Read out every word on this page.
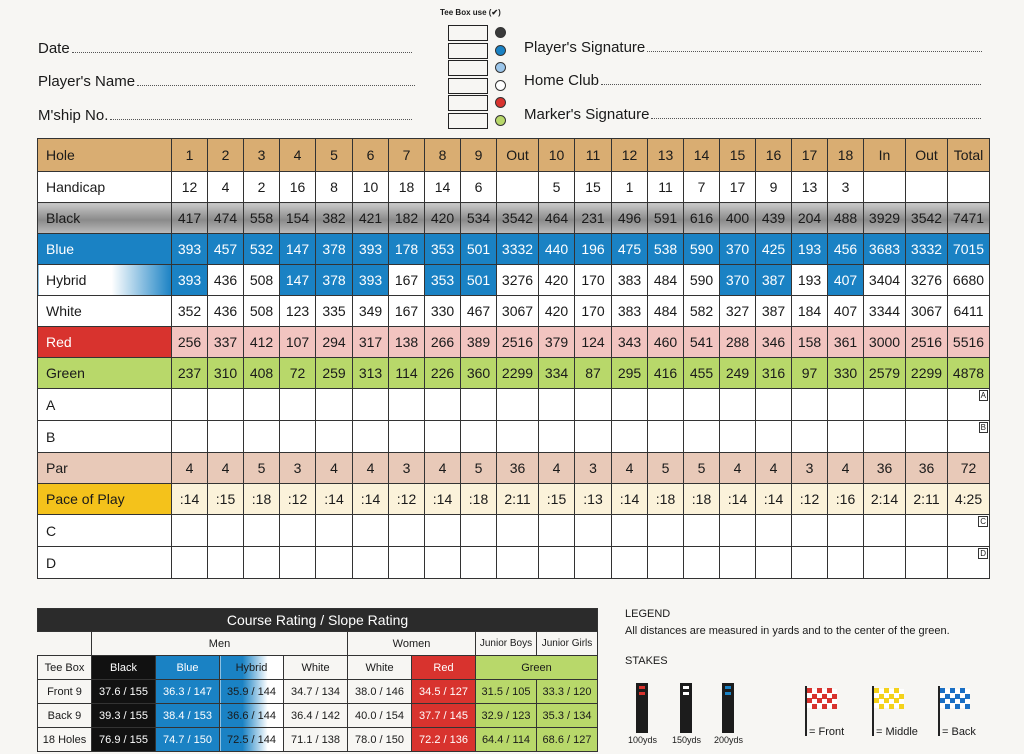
Date
Player's Name
M'ship No.
Player's Signature
Home Club
Marker's Signature
Tee Box use (✔)
Hole	1	2	3	4	5	6	7	8	9	Out	10	11	12	13	14	15	16	17	18	In	Out	Total
Handicap	12	4	2	16	8	10	18	14	6		5	15	1	11	7	17	9	13	3			
Black	417	474	558	154	382	421	182	420	534	3542	464	231	496	591	616	400	439	204	488	3929	3542	7471
Blue	393	457	532	147	378	393	178	353	501	3332	440	196	475	538	590	370	425	193	456	3683	3332	7015
Hybrid	393	436	508	147	378	393	167	353	501	3276	420	170	383	484	590	370	387	193	407	3404	3276	6680
White	352	436	508	123	335	349	167	330	467	3067	420	170	383	484	582	327	387	184	407	3344	3067	6411
Red	256	337	412	107	294	317	138	266	389	2516	379	124	343	460	541	288	346	158	361	3000	2516	5516
Green	237	310	408	72	259	313	114	226	360	2299	334	87	295	416	455	249	316	97	330	2579	2299	4878
A																						A

B																						B

Par	4	4	5	3	4	4	3	4	5	36	4	3	4	5	5	4	4	3	4	36	36	72
Pace of Play	:14	:15	:18	:12	:14	:14	:12	:14	:18	2:11	:15	:13	:14	:18	:18	:14	:14	:12	:16	2:14	2:11	4:25
C																						C

D																						D
Course Rating / Slope Rating								
	Men				Women		Junior Boys	Junior Girls
Tee Box	Black	Blue	Hybrid	White	White	Red	Green	
Front 9	37.6 / 155	36.3 / 147	35.9 / 144	34.7 / 134	38.0 / 146	34.5 / 127	31.5 / 105	33.3 / 120
Back 9	39.3 / 155	38.4 / 153	36.6 / 144	36.4 / 142	40.0 / 154	37.7 / 145	32.9 / 123	35.3 / 134
18 Holes	76.9 / 155	74.7 / 150	72.5 / 144	71.1 / 138	78.0 / 150	72.2 / 136	64.4 / 114	68.6 / 127
LEGEND
All distances are measured in yards and to the center of the green.
STAKES
100yds 150yds 200yds
= Front	= Middle = Back
